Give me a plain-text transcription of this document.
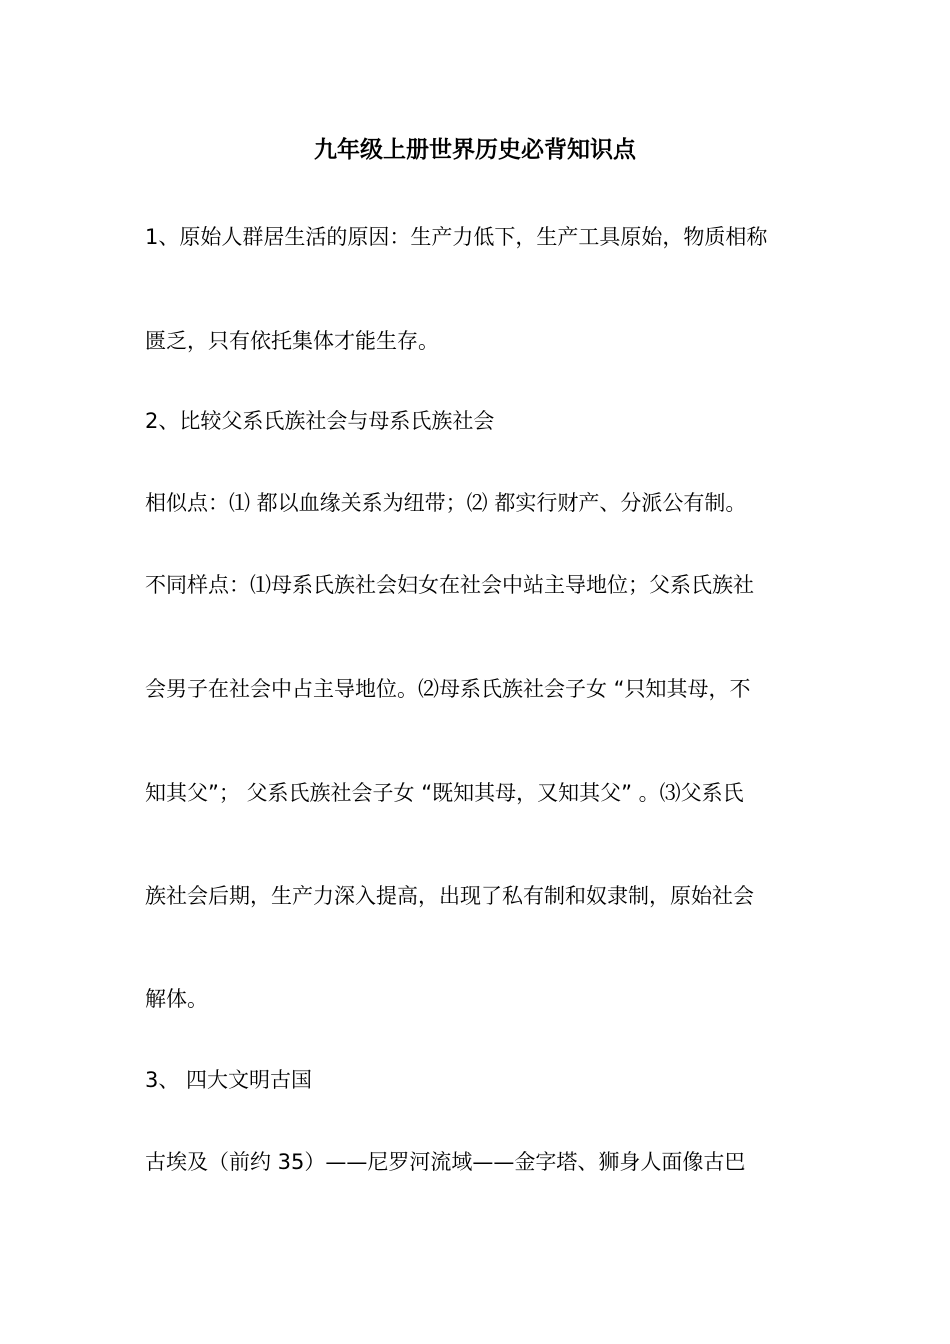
九年级上册世界历史必背知识点
1、原始人群居生活的原因：生产力低下，生产工具原始，物质相称
匮乏，只有依托集体才能生存。
2、比较父系氏族社会与母系氏族社会
相似点：⑴ 都以血缘关系为纽带；⑵ 都实行财产、分派公有制。
不同样点：⑴母系氏族社会妇女在社会中站主导地位；父系氏族社
会男子在社会中占主导地位。⑵母系氏族社会子女 “只知其母，不
知其父”； 父系氏族社会子女 “既知其母，又知其父” 。⑶父系氏
族社会后期，生产力深入提高，出现了私有制和奴隶制，原始社会
解体。
3、 四大文明古国
古埃及（前约 35）——尼罗河流域——金字塔、狮身人面像古巴
